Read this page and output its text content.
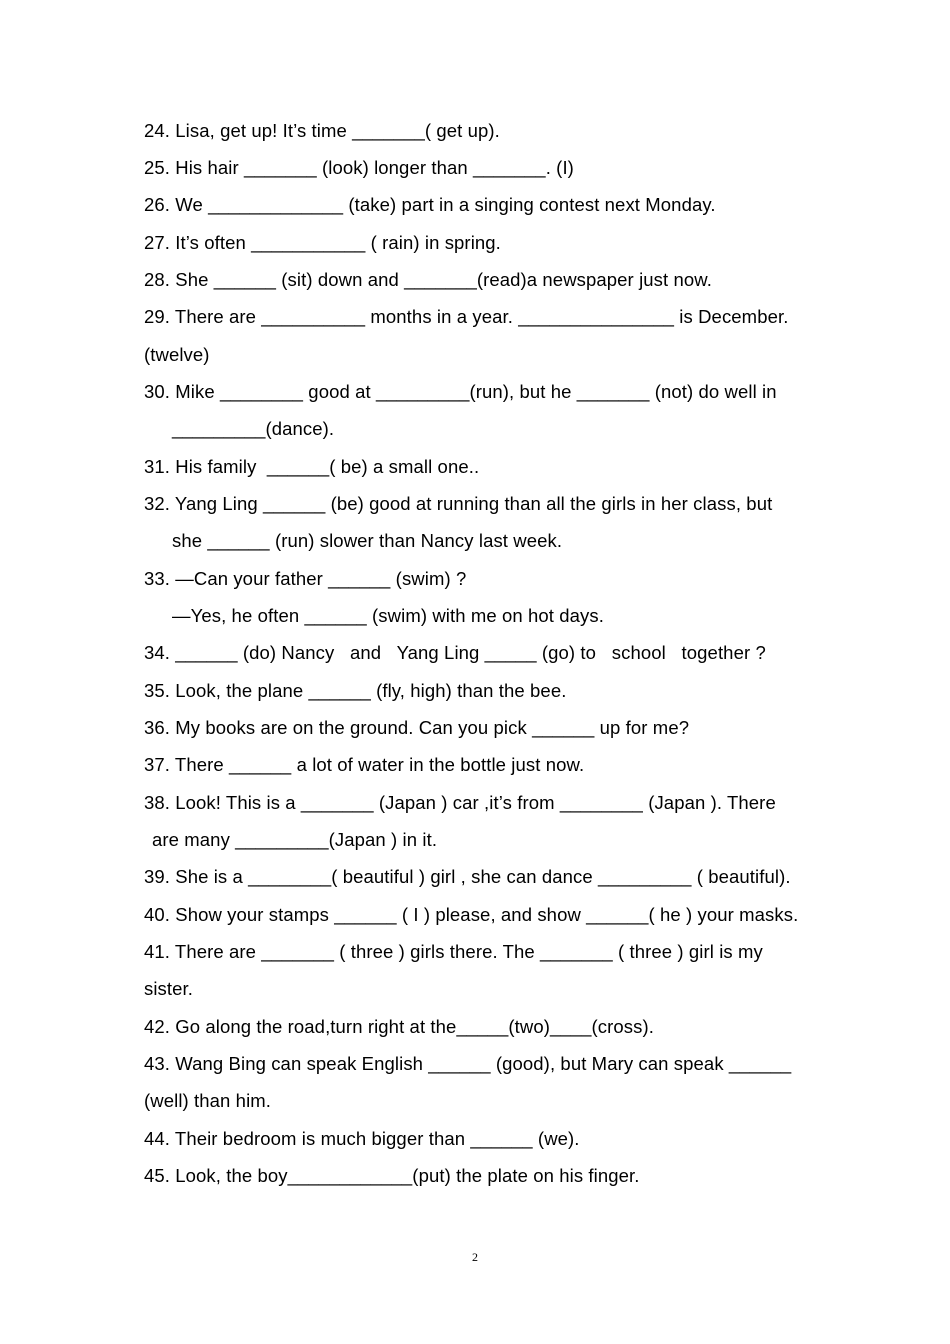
24. Lisa, get up! It’s time _______( get up).
25. His hair _______ (look) longer than _______. (I)
26. We _____________ (take) part in a singing contest next Monday.
27. It’s often ___________ ( rain) in spring.
28. She ______ (sit) down and _______(read)a newspaper just now.
29. There are __________ months in a year. _______________ is December.
(twelve)
30. Mike ________ good at _________(run), but he _______ (not) do well in
_________(dance).
31. His family  ______( be) a small one..
32. Yang Ling ______ (be) good at running than all the girls in her class, but
she ______ (run) slower than Nancy last week.
33. —Can your father ______ (swim) ?
—Yes, he often ______ (swim) with me on hot days.
34. ______ (do) Nancy   and   Yang Ling _____ (go) to   school   together ?
35. Look, the plane ______ (fly, high) than the bee.
36. My books are on the ground. Can you pick ______ up for me?
37. There ______ a lot of water in the bottle just now.
38. Look! This is a _______ (Japan ) car ,it’s from ________ (Japan ). There
are many _________(Japan ) in it.
39. She is a ________( beautiful ) girl , she can dance _________ ( beautiful).
40. Show your stamps ______ ( I ) please, and show ______( he ) your masks.
41. There are _______ ( three ) girls there. The _______ ( three ) girl is my
sister.
42. Go along the road,turn right at the_____(two)____(cross).
43. Wang Bing can speak English ______ (good), but Mary can speak ______
(well) than him.
44. Their bedroom is much bigger than ______ (we).
45. Look, the boy____________(put) the plate on his finger.
2
